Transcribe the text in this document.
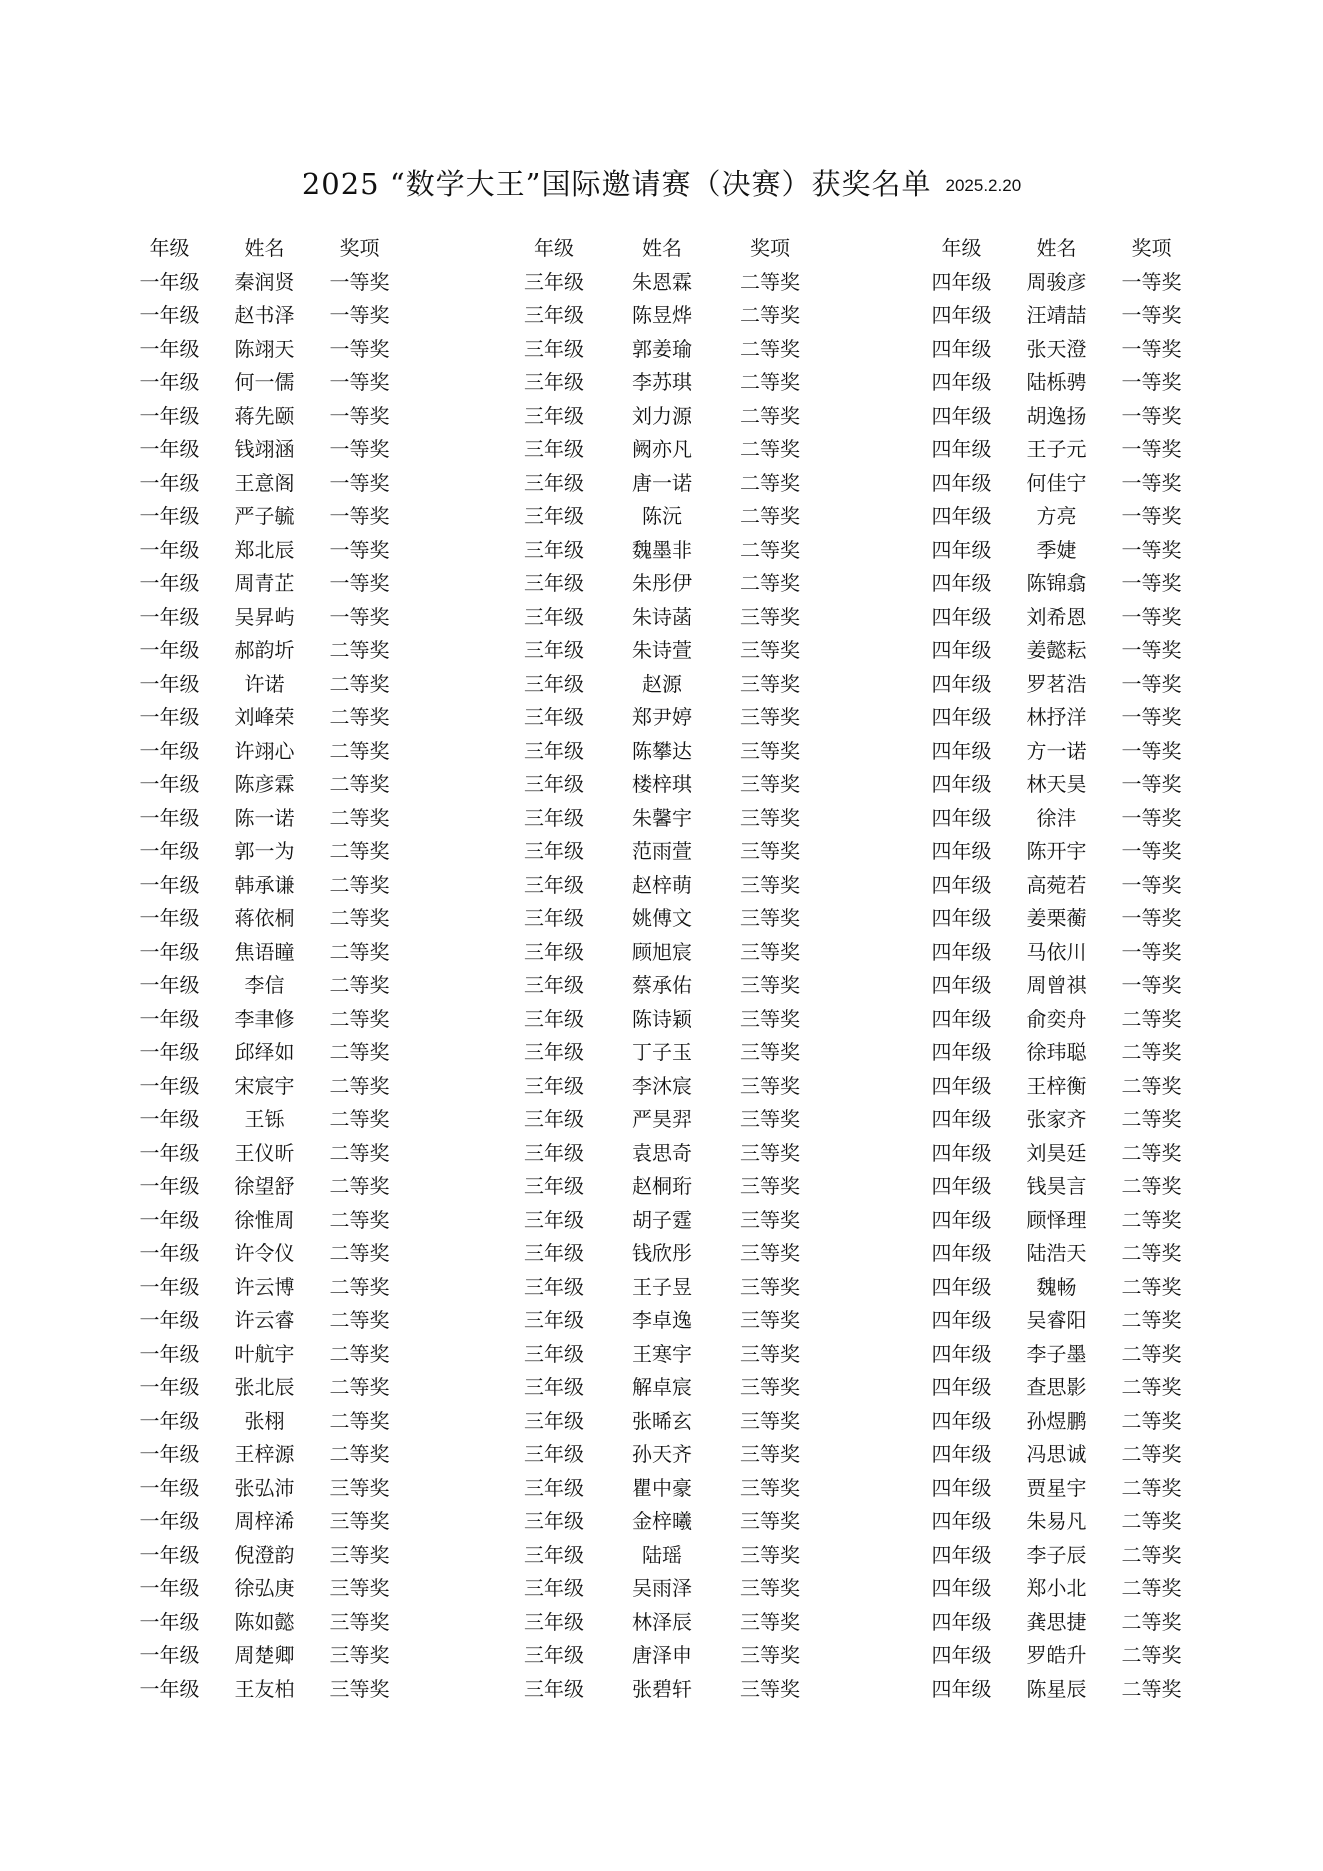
2025 “数学大王”国际邀请赛（决赛）获奖名单 2025.2.20
年级	姓名	奖项
一年级	秦润贤	一等奖
一年级	赵书泽	一等奖
一年级	陈翊天	一等奖
一年级	何一儒	一等奖
一年级	蒋先颐	一等奖
一年级	钱翊涵	一等奖
一年级	王意阁	一等奖
一年级	严子毓	一等奖
一年级	郑北辰	一等奖
一年级	周青芷	一等奖
一年级	吴昇屿	一等奖
一年级	郝韵圻	二等奖
一年级	许诺	二等奖
一年级	刘峰荣	二等奖
一年级	许翊心	二等奖
一年级	陈彦霖	二等奖
一年级	陈一诺	二等奖
一年级	郭一为	二等奖
一年级	韩承谦	二等奖
一年级	蒋依桐	二等奖
一年级	焦语瞳	二等奖
一年级	李信	二等奖
一年级	李聿修	二等奖
一年级	邱绎如	二等奖
一年级	宋宸宇	二等奖
一年级	王铄	二等奖
一年级	王仪昕	二等奖
一年级	徐望舒	二等奖
一年级	徐惟周	二等奖
一年级	许令仪	二等奖
一年级	许云博	二等奖
一年级	许云睿	二等奖
一年级	叶航宇	二等奖
一年级	张北辰	二等奖
一年级	张栩	二等奖
一年级	王梓源	二等奖
一年级	张弘沛	三等奖
一年级	周梓浠	三等奖
一年级	倪澄韵	三等奖
一年级	徐弘庚	三等奖
一年级	陈如懿	三等奖
一年级	周楚卿	三等奖
一年级	王友柏	三等奖
年级	姓名	奖项
三年级	朱恩霖	二等奖
三年级	陈昱烨	二等奖
三年级	郭姜瑜	二等奖
三年级	李苏琪	二等奖
三年级	刘力源	二等奖
三年级	阙亦凡	二等奖
三年级	唐一诺	二等奖
三年级	陈沅	二等奖
三年级	魏墨非	二等奖
三年级	朱彤伊	二等奖
三年级	朱诗菡	三等奖
三年级	朱诗萱	三等奖
三年级	赵源	三等奖
三年级	郑尹婷	三等奖
三年级	陈攀达	三等奖
三年级	楼梓琪	三等奖
三年级	朱馨宇	三等奖
三年级	范雨萱	三等奖
三年级	赵梓萌	三等奖
三年级	姚傅文	三等奖
三年级	顾旭宸	三等奖
三年级	蔡承佑	三等奖
三年级	陈诗颖	三等奖
三年级	丁子玉	三等奖
三年级	李沐宸	三等奖
三年级	严昊羿	三等奖
三年级	袁思奇	三等奖
三年级	赵桐珩	三等奖
三年级	胡子霆	三等奖
三年级	钱欣彤	三等奖
三年级	王子昱	三等奖
三年级	李卓逸	三等奖
三年级	王寒宇	三等奖
三年级	解卓宸	三等奖
三年级	张晞玄	三等奖
三年级	孙天齐	三等奖
三年级	瞿中豪	三等奖
三年级	金梓曦	三等奖
三年级	陆瑶	三等奖
三年级	吴雨泽	三等奖
三年级	林泽辰	三等奖
三年级	唐泽申	三等奖
三年级	张碧轩	三等奖
年级	姓名	奖项
四年级	周骏彦	一等奖
四年级	汪靖喆	一等奖
四年级	张天澄	一等奖
四年级	陆栎骋	一等奖
四年级	胡逸扬	一等奖
四年级	王子元	一等奖
四年级	何佳宁	一等奖
四年级	方亮	一等奖
四年级	季婕	一等奖
四年级	陈锦翕	一等奖
四年级	刘希恩	一等奖
四年级	姜懿耘	一等奖
四年级	罗茗浩	一等奖
四年级	林抒洋	一等奖
四年级	方一诺	一等奖
四年级	林天昊	一等奖
四年级	徐沣	一等奖
四年级	陈开宇	一等奖
四年级	高菀若	一等奖
四年级	姜栗蘅	一等奖
四年级	马依川	一等奖
四年级	周曾祺	一等奖
四年级	俞奕舟	二等奖
四年级	徐玮聪	二等奖
四年级	王梓衡	二等奖
四年级	张家齐	二等奖
四年级	刘昊廷	二等奖
四年级	钱昊言	二等奖
四年级	顾怿理	二等奖
四年级	陆浩天	二等奖
四年级	魏畅	二等奖
四年级	吴睿阳	二等奖
四年级	李子墨	二等奖
四年级	查思影	二等奖
四年级	孙煜鹏	二等奖
四年级	冯思诚	二等奖
四年级	贾星宇	二等奖
四年级	朱易凡	二等奖
四年级	李子辰	二等奖
四年级	郑小北	二等奖
四年级	龚思捷	二等奖
四年级	罗皓升	二等奖
四年级	陈星辰	二等奖
